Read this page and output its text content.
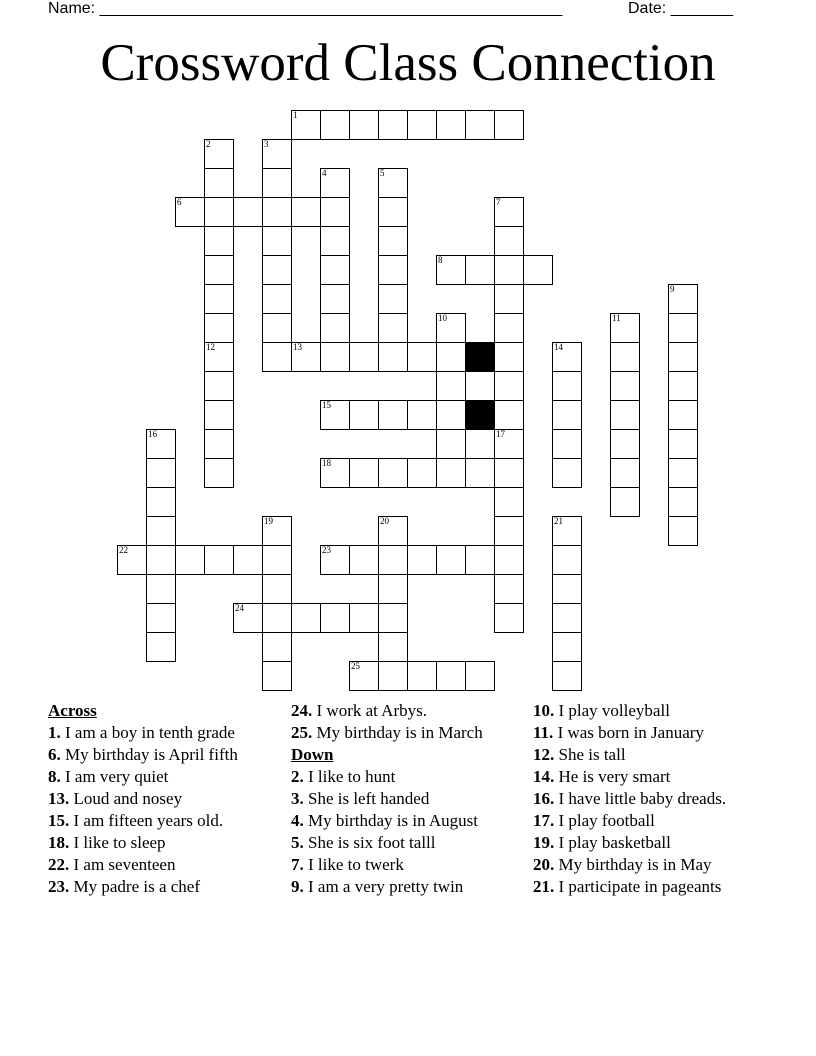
Name: ____________________________________________________	Date: _______
Crossword Class Connection
1
2
12
3
4	5
6	7
17
8
9
10	11
13	14
15
16
18
19	20	21
22	23
24
25
Across
1. I am a boy in tenth grade
6. My birthday is April fifth
8. I am very quiet
13. Loud and nosey
15. I am fifteen years old.
18. I like to sleep
22. I am seventeen
23. My padre is a chef
24. I work at Arbys.
25. My birthday is in March
Down
2. I like to hunt
3. She is left handed
4. My birthday is in August
5. She is six foot talll
7. I like to twerk
9. I am a very pretty twin
10. I play volleyball
11. I was born in January
12. She is tall
14. He is very smart
16. I have little baby dreads.
17. I play football
19. I play basketball
20. My birthday is in May
21. I participate in pageants
